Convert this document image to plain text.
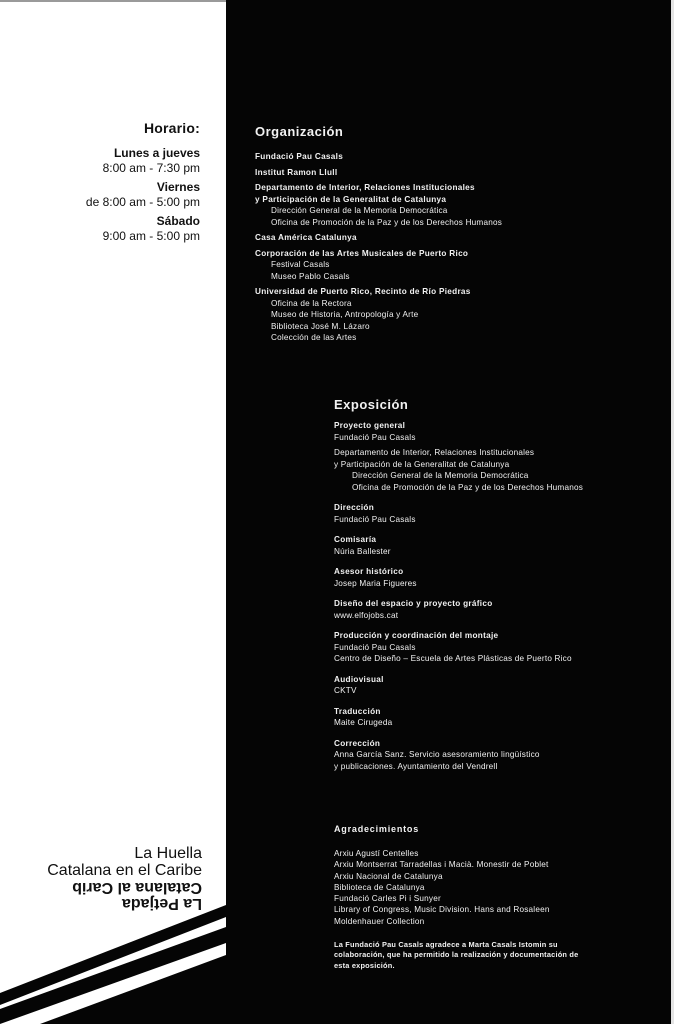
Horario:
Lunes a jueves
8:00 am - 7:30 pm
Viernes
de 8:00 am - 5:00 pm
Sábado
9:00 am - 5:00 pm
Organización
Fundació Pau Casals
Institut Ramon Llull
Departamento de Interior, Relaciones Institucionales
y Participación de la Generalitat de Catalunya
Dirección General de la Memoria Democrática
Oficina de Promoción de la Paz y de los Derechos Humanos
Casa América Catalunya
Corporación de las Artes Musicales de Puerto Rico
Festival Casals
Museo Pablo Casals
Universidad de Puerto Rico, Recinto de Río Piedras
Oficina de la Rectora
Museo de Historia, Antropología y Arte
Biblioteca José M. Lázaro
Colección de las Artes
Exposición
Proyecto general
Fundació Pau Casals
Departamento de Interior, Relaciones Institucionales
y Participación de la Generalitat de Catalunya
Dirección General de la Memoria Democrática
Oficina de Promoción de la Paz y de los Derechos Humanos
Dirección
Fundació Pau Casals
Comisaría
Núria Ballester
Asesor histórico
Josep Maria Figueres
Diseño del espacio y proyecto gráfico
www.elfojobs.cat
Producción y coordinación del montaje
Fundació Pau Casals
Centro de Diseño – Escuela de Artes Plásticas de Puerto Rico
Audiovisual
CKTV
Traducción
Maite Cirugeda
Corrección
Anna García Sanz. Servicio asesoramiento lingüístico
y publicaciones. Ayuntamiento del Vendrell
Agradecimientos
Arxiu Agustí Centelles
Arxiu Montserrat Tarradellas i Macià. Monestir de Poblet
Arxiu Nacional de Catalunya
Biblioteca de Catalunya
Fundació Carles Pi i Sunyer
Library of Congress, Music Division. Hans and Rosaleen
Moldenhauer Collection
La Fundació Pau Casals agradece a Marta Casals Istomin su colaboración, que ha permitido la realización y documentación de esta exposición.
La Huella
Catalana en el Caribe
Catalana al Carib
La Petjada
